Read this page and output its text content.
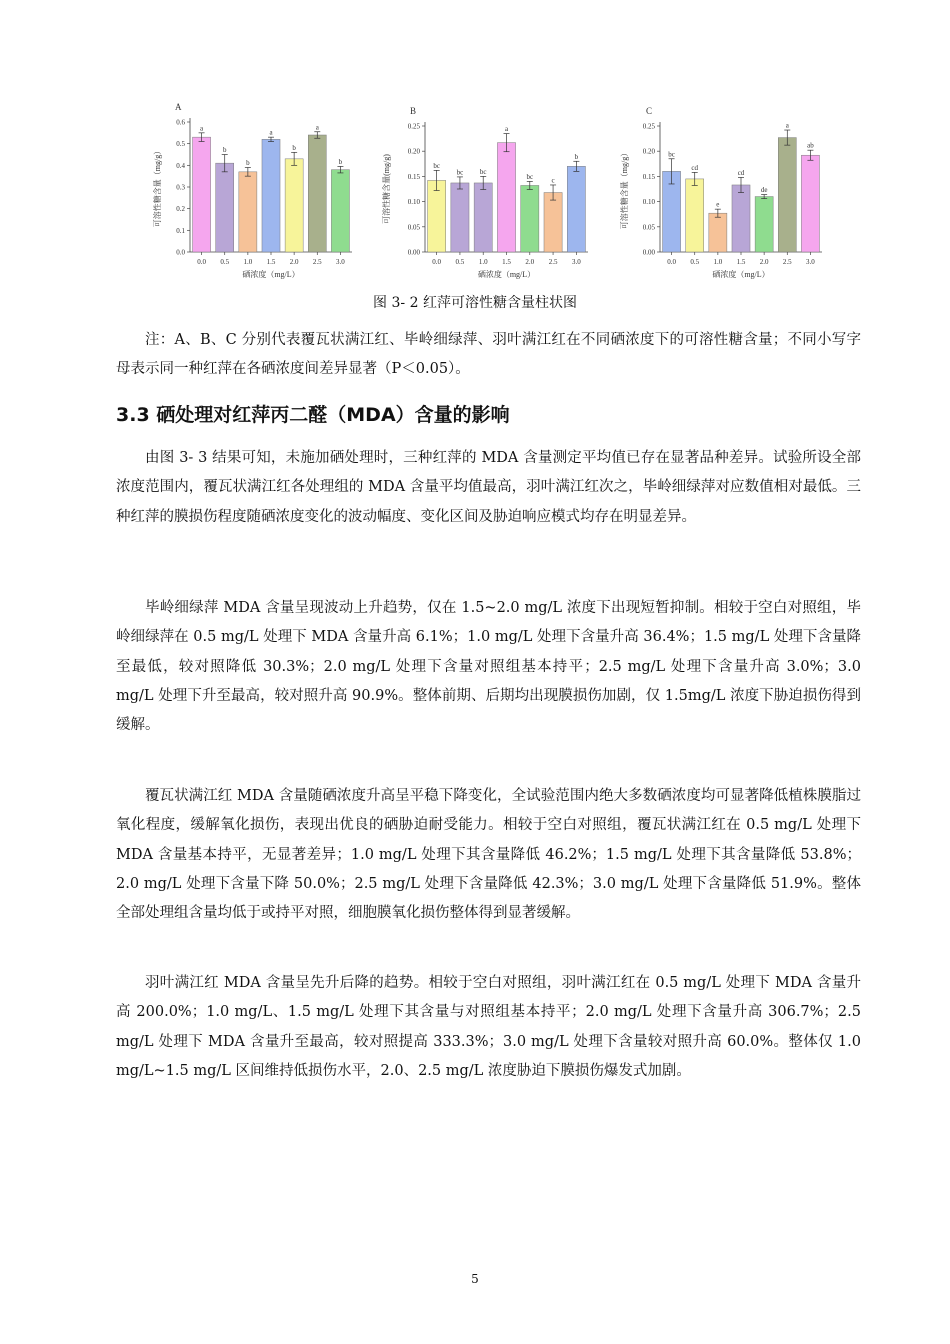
A
0.0
0.1
0.2
0.3
0.4
0.5
0.6
a
0.0
b
0.5
b
1.0
a
1.5
b
2.0
a
2.5
b
3.0
硒浓度（mg/L）
可溶性糖含量（mg/g）
B
0.00
0.05
0.10
0.15
0.20
0.25
bc
0.0
bc
0.5
bc
1.0
a
1.5
bc
2.0
c
2.5
b
3.0
硒浓度（mg/L）
可溶性糖含量(mg/g)
C
0.00
0.05
0.10
0.15
0.20
0.25
bc
0.0
cd
0.5
e
1.0
cd
1.5
de
2.0
a
2.5
ab
3.0
硒浓度（mg/L）
可溶性糖含量（mg/g）
图 3- 2 红萍可溶性糖含量柱状图

注：A、B、C 分别代表覆瓦状满江红、毕岭细绿萍、羽叶满江红在不同硒浓度下的可溶性糖含量；不同小写字母表示同一种红萍在各硒浓度间差异显著（P＜0.05）。

3.3 硒处理对红萍丙二醛（MDA）含量的影响

由图 3- 3 结果可知，未施加硒处理时，三种红萍的 MDA 含量测定平均值已存在显著品种差异。试验所设全部浓度范围内，覆瓦状满江红各处理组的 MDA 含量平均值最高，羽叶满江红次之，毕岭细绿萍对应数值相对最低。三种红萍的膜损伤程度随硒浓度变化的波动幅度、变化区间及胁迫响应模式均存在明显差异。

毕岭细绿萍 MDA 含量呈现波动上升趋势，仅在 1.5~2.0 mg/L 浓度下出现短暂抑制。相较于空白对照组，毕岭细绿萍在 0.5 mg/L 处理下 MDA 含量升高 6.1%；1.0 mg/L 处理下含量升高 36.4%；1.5 mg/L 处理下含量降至最低，较对照降低 30.3%；2.0 mg/L 处理下含量对照组基本持平；2.5 mg/L 处理下含量升高 3.0%；3.0 mg/L 处理下升至最高，较对照升高 90.9%。整体前期、后期均出现膜损伤加剧，仅 1.5mg/L 浓度下胁迫损伤得到缓解。

覆瓦状满江红 MDA 含量随硒浓度升高呈平稳下降变化，全试验范围内绝大多数硒浓度均可显著降低植株膜脂过氧化程度，缓解氧化损伤，表现出优良的硒胁迫耐受能力。相较于空白对照组，覆瓦状满江红在 0.5 mg/L 处理下 MDA 含量基本持平，无显著差异；1.0 mg/L 处理下其含量降低 46.2%；1.5 mg/L 处理下其含量降低 53.8%；2.0 mg/L 处理下含量下降 50.0%；2.5 mg/L 处理下含量降低 42.3%；3.0 mg/L 处理下含量降低 51.9%。整体全部处理组含量均低于或持平对照，细胞膜氧化损伤整体得到显著缓解。

羽叶满江红 MDA 含量呈先升后降的趋势。相较于空白对照组，羽叶满江红在 0.5 mg/L 处理下 MDA 含量升高 200.0%；1.0 mg/L、1.5 mg/L 处理下其含量与对照组基本持平；2.0 mg/L 处理下含量升高 306.7%；2.5 mg/L 处理下 MDA 含量升至最高，较对照提高 333.3%；3.0 mg/L 处理下含量较对照升高 60.0%。整体仅 1.0 mg/L~1.5 mg/L 区间维持低损伤水平，2.0、2.5 mg/L 浓度胁迫下膜损伤爆发式加剧。

5
